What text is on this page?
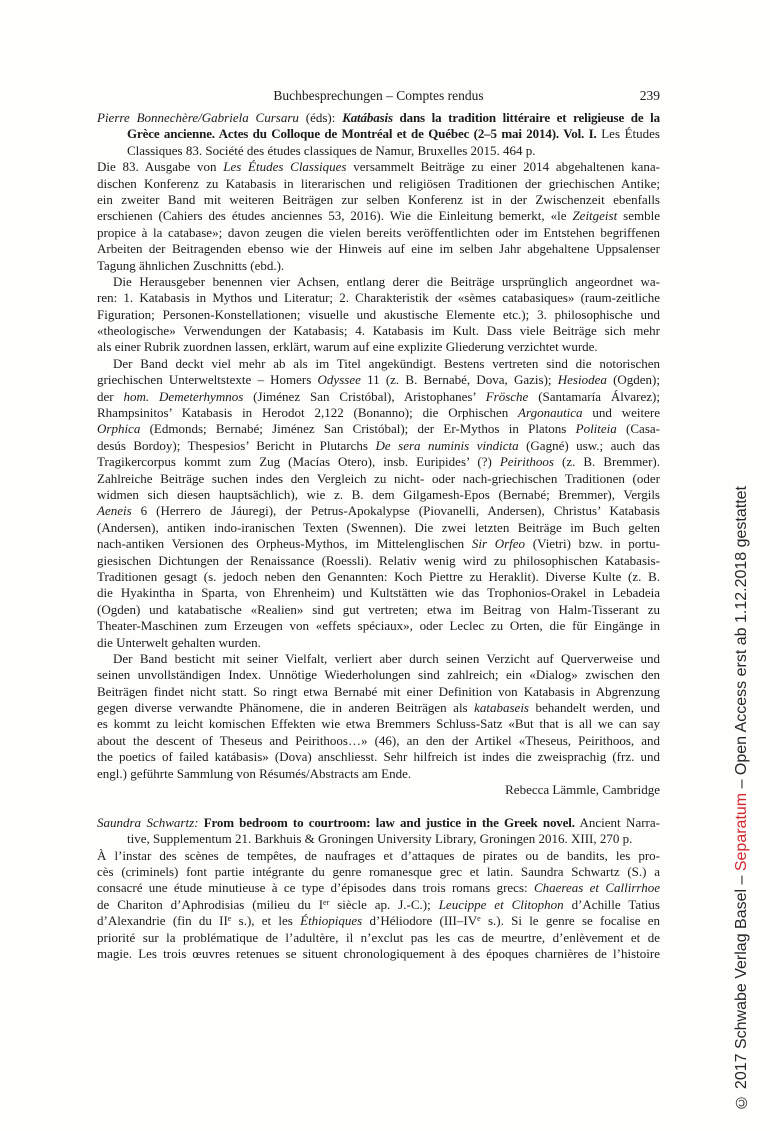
Buchbesprechungen – Comptes rendus	239
Pierre Bonnechère/Gabriela Cursaru (éds): Katábasis dans la tradition littéraire et religieuse de la
Grèce ancienne. Actes du Colloque de Montréal et de Québec (2–5 mai 2014). Vol. I. Les Études
Classiques 83. Société des études classiques de Namur, Bruxelles 2015. 464 p.
Die 83. Ausgabe von Les Études Classiques versammelt Beiträge zu einer 2014 abgehaltenen kana-
dischen Konferenz zu Katabasis in literarischen und religiösen Traditionen der griechischen Antike;
ein zweiter Band mit weiteren Beiträgen zur selben Konferenz ist in der Zwischenzeit ebenfalls
erschienen (Cahiers des études anciennes 53, 2016). Wie die Einleitung bemerkt, «le Zeitgeist semble
propice à la catabase»; davon zeugen die vielen bereits veröffentlichten oder im Entstehen begriffenen
Arbeiten der Beitragenden ebenso wie der Hinweis auf eine im selben Jahr abgehaltene Uppsalenser
Tagung ähnlichen Zuschnitts (ebd.).
Die Herausgeber benennen vier Achsen, entlang derer die Beiträge ursprünglich angeordnet wa-
ren: 1. Katabasis in Mythos und Literatur; 2. Charakteristik der «sèmes catabasiques» (raum-zeitliche
Figuration; Personen-Konstellationen; visuelle und akustische Elemente etc.); 3. philosophische und
«theologische» Verwendungen der Katabasis; 4. Katabasis im Kult. Dass viele Beiträge sich mehr
als einer Rubrik zuordnen lassen, erklärt, warum auf eine explizite Gliederung verzichtet wurde.
Der Band deckt viel mehr ab als im Titel angekündigt. Bestens vertreten sind die notorischen
griechischen Unterweltstexte – Homers Odyssee 11 (z. B. Bernabé, Dova, Gazis); Hesiodea (Ogden);
der hom. Demeterhymnos (Jiménez San Cristóbal), Aristophanes’ Frösche (Santamaría Álvarez);
Rhampsinitos’ Katabasis in Herodot 2,122 (Bonanno); die Orphischen Argonautica und weitere
Orphica (Edmonds; Bernabé; Jiménez San Cristóbal); der Er-Mythos in Platons Politeia (Casa-
desús Bordoy); Thespesios’ Bericht in Plutarchs De sera numinis vindicta (Gagné) usw.; auch das
Tragikercorpus kommt zum Zug (Macías Otero), insb. Euripides’ (?) Peirithoos (z. B. Bremmer).
Zahlreiche Beiträge suchen indes den Vergleich zu nicht- oder nach-griechischen Traditionen (oder
widmen sich diesen hauptsächlich), wie z. B. dem Gilgamesh-Epos (Bernabé; Bremmer), Vergils
Aeneis 6 (Herrero de Jáuregi), der Petrus-Apokalypse (Piovanelli, Andersen), Christus’ Katabasis
(Andersen), antiken indo-iranischen Texten (Swennen). Die zwei letzten Beiträge im Buch gelten
nach-antiken Versionen des Orpheus-Mythos, im Mittelenglischen Sir Orfeo (Vietri) bzw. in portu-
giesischen Dichtungen der Renaissance (Roessli). Relativ wenig wird zu philosophischen Katabasis-
Traditionen gesagt (s. jedoch neben den Genannten: Koch Piettre zu Heraklit). Diverse Kulte (z. B.
die Hyakintha in Sparta, von Ehrenheim) und Kultstätten wie das Trophonios-Orakel in Lebadeia
(Ogden) und katabatische «Realien» sind gut vertreten; etwa im Beitrag von Halm-Tisserant zu
Theater-Maschinen zum Erzeugen von «effets spéciaux», oder Leclec zu Orten, die für Eingänge in
die Unterwelt gehalten wurden.
Der Band besticht mit seiner Vielfalt, verliert aber durch seinen Verzicht auf Querverweise und
seinen unvollständigen Index. Unnötige Wiederholungen sind zahlreich; ein «Dialog» zwischen den
Beiträgen findet nicht statt. So ringt etwa Bernabé mit einer Definition von Katabasis in Abgrenzung
gegen diverse verwandte Phänomene, die in anderen Beiträgen als katabaseis behandelt werden, und
es kommt zu leicht komischen Effekten wie etwa Bremmers Schluss-Satz «But that is all we can say
about the descent of Theseus and Peirithoos…» (46), an den der Artikel «Theseus, Peirithoos, and
the poetics of failed katábasis» (Dova) anschliesst. Sehr hilfreich ist indes die zweisprachig (frz. und
engl.) geführte Sammlung von Résumés/Abstracts am Ende.
Rebecca Lämmle, Cambridge
Saundra Schwartz: From bedroom to courtroom: law and justice in the Greek novel. Ancient Narra-
tive, Supplementum 21. Barkhuis & Groningen University Library, Groningen 2016. XIII, 270 p.
À l’instar des scènes de tempêtes, de naufrages et d’attaques de pirates ou de bandits, les pro-
cès (criminels) font partie intégrante du genre romanesque grec et latin. Saundra Schwartz (S.) a
consacré une étude minutieuse à ce type d’épisodes dans trois romans grecs: Chaereas et Callirrhoe
de Chariton d’Aphrodisias (milieu du Ier siècle ap. J.-C.); Leucippe et Clitophon d’Achille Tatius
d’Alexandrie (fin du IIe s.), et les Éthiopiques d’Héliodore (III–IVe s.). Si le genre se focalise en
priorité sur la problématique de l’adultère, il n’exclut pas les cas de meurtre, d’enlèvement et de
magie. Les trois œuvres retenues se situent chronologiquement à des époques charnières de l’histoire	© 2017 Schwabe Verlag Basel – Separatum – Open Access erst ab 1.12.2018 gestattet
